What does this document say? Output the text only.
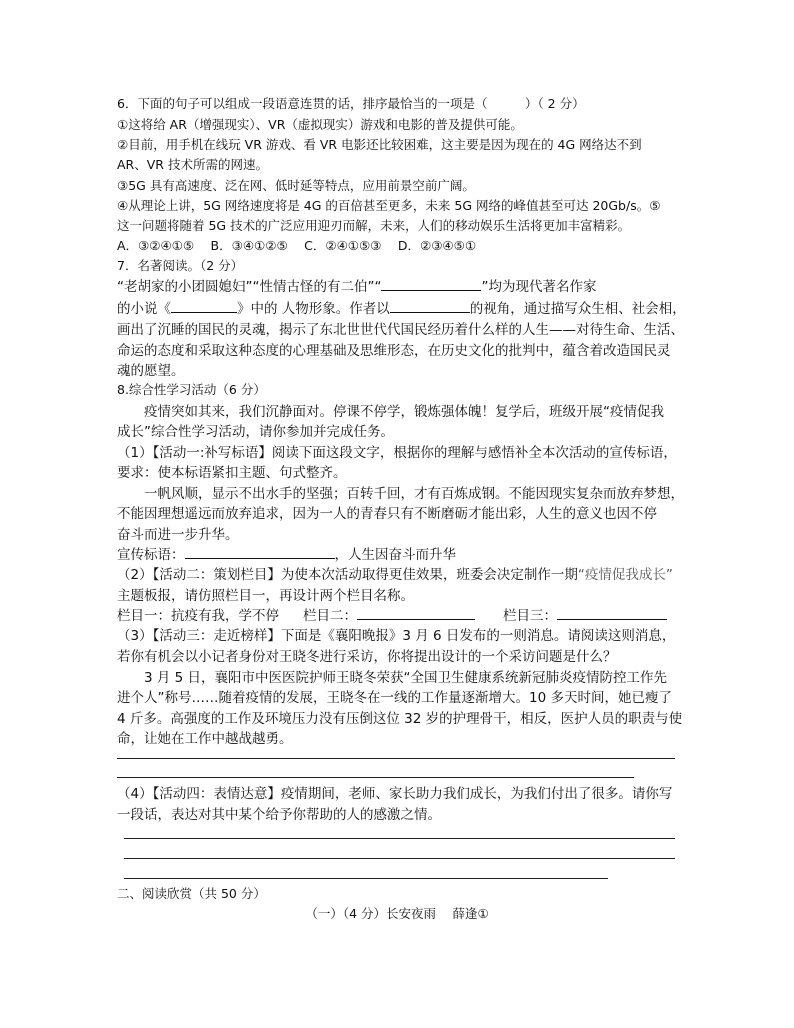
6．下面的句子可以组成一段语意连贯的话，排序最恰当的一项是（　　　）（ 2 分）
①这将给 AR（增强现实）、VR（虚拟现实）游戏和电影的普及提供可能。
②目前，用手机在线玩 VR 游戏、看 VR 电影还比较困难，这主要是因为现在的 4G 网络达不到
AR、VR 技术所需的网速。
③5G 具有高速度、泛在网、低时延等特点，应用前景空前广阔。
④从理论上讲，5G 网络速度将是 4G 的百倍甚至更多，未来 5G 网络的峰值甚至可达 20Gb/s。⑤
这一问题将随着 5G 技术的广泛应用迎刃而解，未来，人们的移动娱乐生活将更加丰富精彩。
A．③②④①⑤　 B．③④①②⑤　 C．②④①⑤③　 D．②③④⑤①
7．名著阅读。（2 分）
“老胡家的小团圆媳妇”“性情古怪的有二伯”“	”均为现代著名作家
的小说《	》中的 人物形象。作者以	的视角，通过描写众生相、社会相，
画出了沉睡的国民的灵魂，揭示了东北世世代代国民经历着什么样的人生——对待生命、生活、
命运的态度和采取这种态度的心理基础及思维形态，在历史文化的批判中，蕴含着改造国民灵
魂的愿望。
8.综合性学习活动（6 分）
　　疫情突如其来，我们沉静面对。停课不停学，锻炼强体魄！复学后，班级开展“疫情促我
成长”综合性学习活动，请你参加并完成任务。
（1）【活动一:补写标语】阅读下面这段文字，根据你的理解与感悟补全本次活动的宣传标语，
要求：使本标语紧扣主题、句式整齐。
　　一帆风顺，显示不出水手的坚强；百转千回，才有百炼成钢。不能因现实复杂而放弃梦想，
不能因理想遥远而放弃追求，因为一人的青春只有不断磨砺才能出彩，人生的意义也因不停
奋斗而进一步升华。
宣传标语：	，人生因奋斗而升华
（2）【活动二：策划栏目】为使本次活动取得更佳效果，班委会决定制作一期“疫情促我成长”
主题板报，请仿照栏目一，再设计两个栏目名称。
栏目一：抗疫有我，学不停 栏目二：	栏目三：
（3）【活动三：走近榜样】下面是《襄阳晚报》3 月 6 日发布的一则消息。请阅读这则消息，
若你有机会以小记者身份对王晓冬进行采访，你将提出设计的一个采访问题是什么？
　　3 月 5 日，襄阳市中医医院护师王晓冬荣获“全国卫生健康系统新冠肺炎疫情防控工作先
进个人”称号……随着疫情的发展，王晓冬在一线的工作量逐渐增大。10 多天时间，她已瘦了
4 斤多。高强度的工作及环境压力没有压倒这位 32 岁的护理骨干，相反，医护人员的职责与使
命，让她在工作中越战越勇。
（4）【活动四：表情达意】疫情期间，老师、家长助力我们成长，为我们付出了很多。请你写
一段话，表达对其中某个给予你帮助的人的感激之情。
二、阅读欣赏（共 50 分）
（一）（4 分）长安夜雨　 薛逢①
